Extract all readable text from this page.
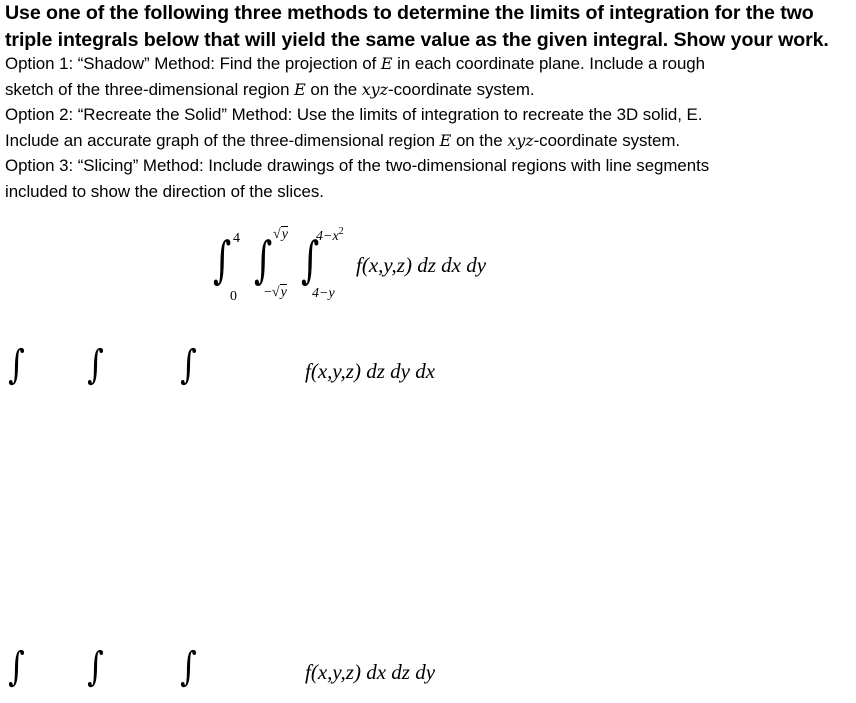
Use one of the following three methods to determine the limits of integration for the two
triple integrals below that will yield the same value as the given integral. Show your work.
Option 1: “Shadow” Method: Find the projection of E in each coordinate plane. Include a rough
sketch of the three-dimensional region E on the xyz-coordinate system.
Option 2: “Recreate the Solid” Method: Use the limits of integration to recreate the 3D solid, E.
Include an accurate graph of the three-dimensional region E on the xyz-coordinate system.
Option 3: “Slicing” Method: Include drawings of the two-dimensional regions with line segments
included to show the direction of the slices.
∫ 4
0
∫ √y
−√y
∫
$4-x^2$
4−y
f(x,y,z) dz dx dy
∫ ∫ ∫	f(x,y,z) dz dy dx
∫ ∫ ∫	f(x,y,z) dx dz dy
